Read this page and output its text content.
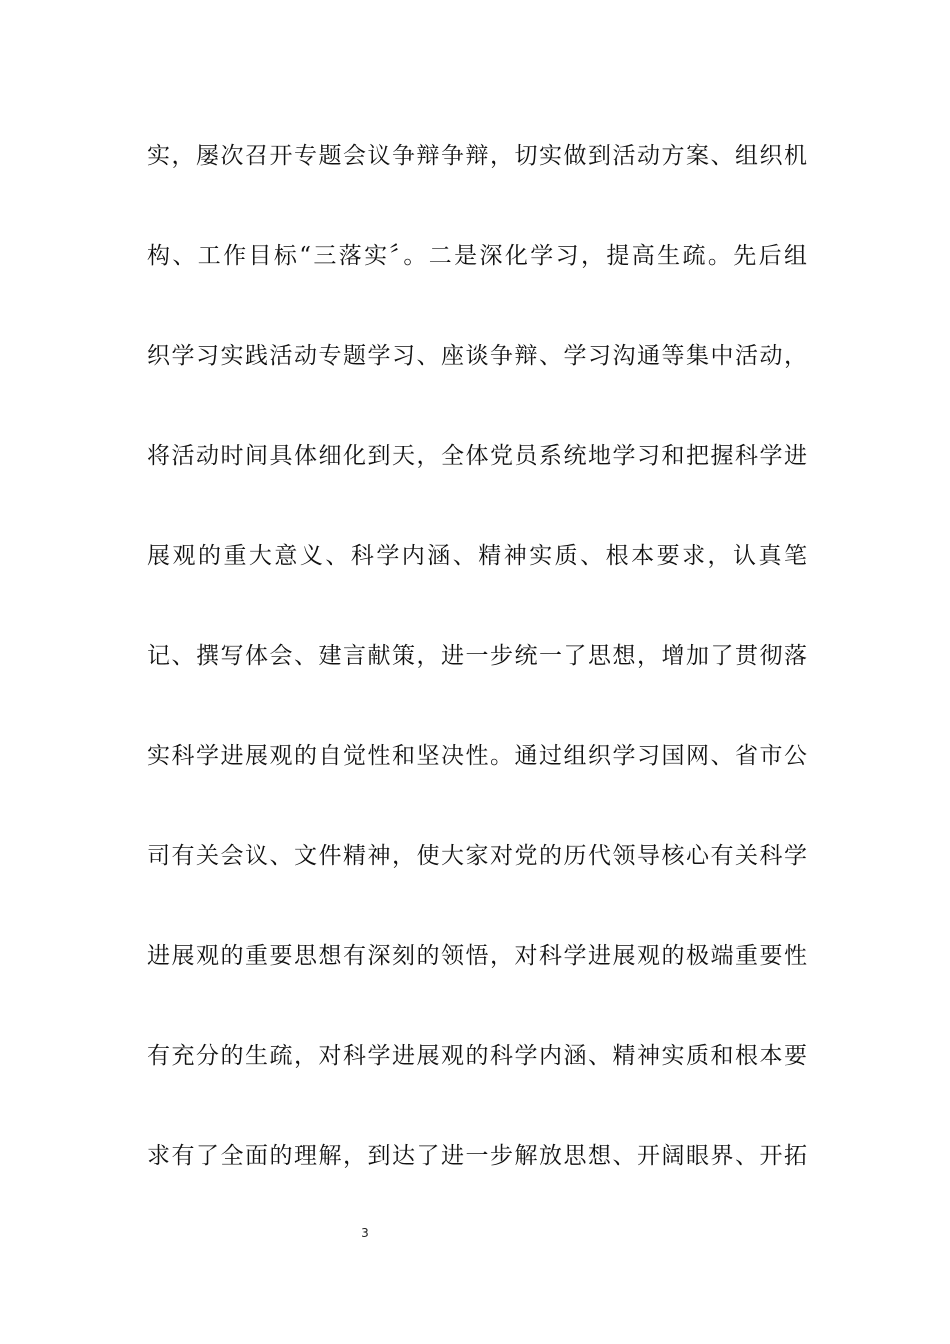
实，屡次召开专题会议争辩争辩，切实做到活动方案、组织机
构、工作目标“三落实〞。二是深化学习，提高生疏。先后组
织学习实践活动专题学习、座谈争辩、学习沟通等集中活动，
将活动时间具体细化到天，全体党员系统地学习和把握科学进
展观的重大意义、科学内涵、精神实质、根本要求，认真笔
记、撰写体会、建言献策，进一步统一了思想，增加了贯彻落
实科学进展观的自觉性和坚决性。通过组织学习国网、省市公
司有关会议、文件精神，使大家对党的历代领导核心有关科学
进展观的重要思想有深刻的领悟，对科学进展观的极端重要性
有充分的生疏，对科学进展观的科学内涵、精神实质和根本要
求有了全面的理解，到达了进一步解放思想、开阔眼界、开拓
3
